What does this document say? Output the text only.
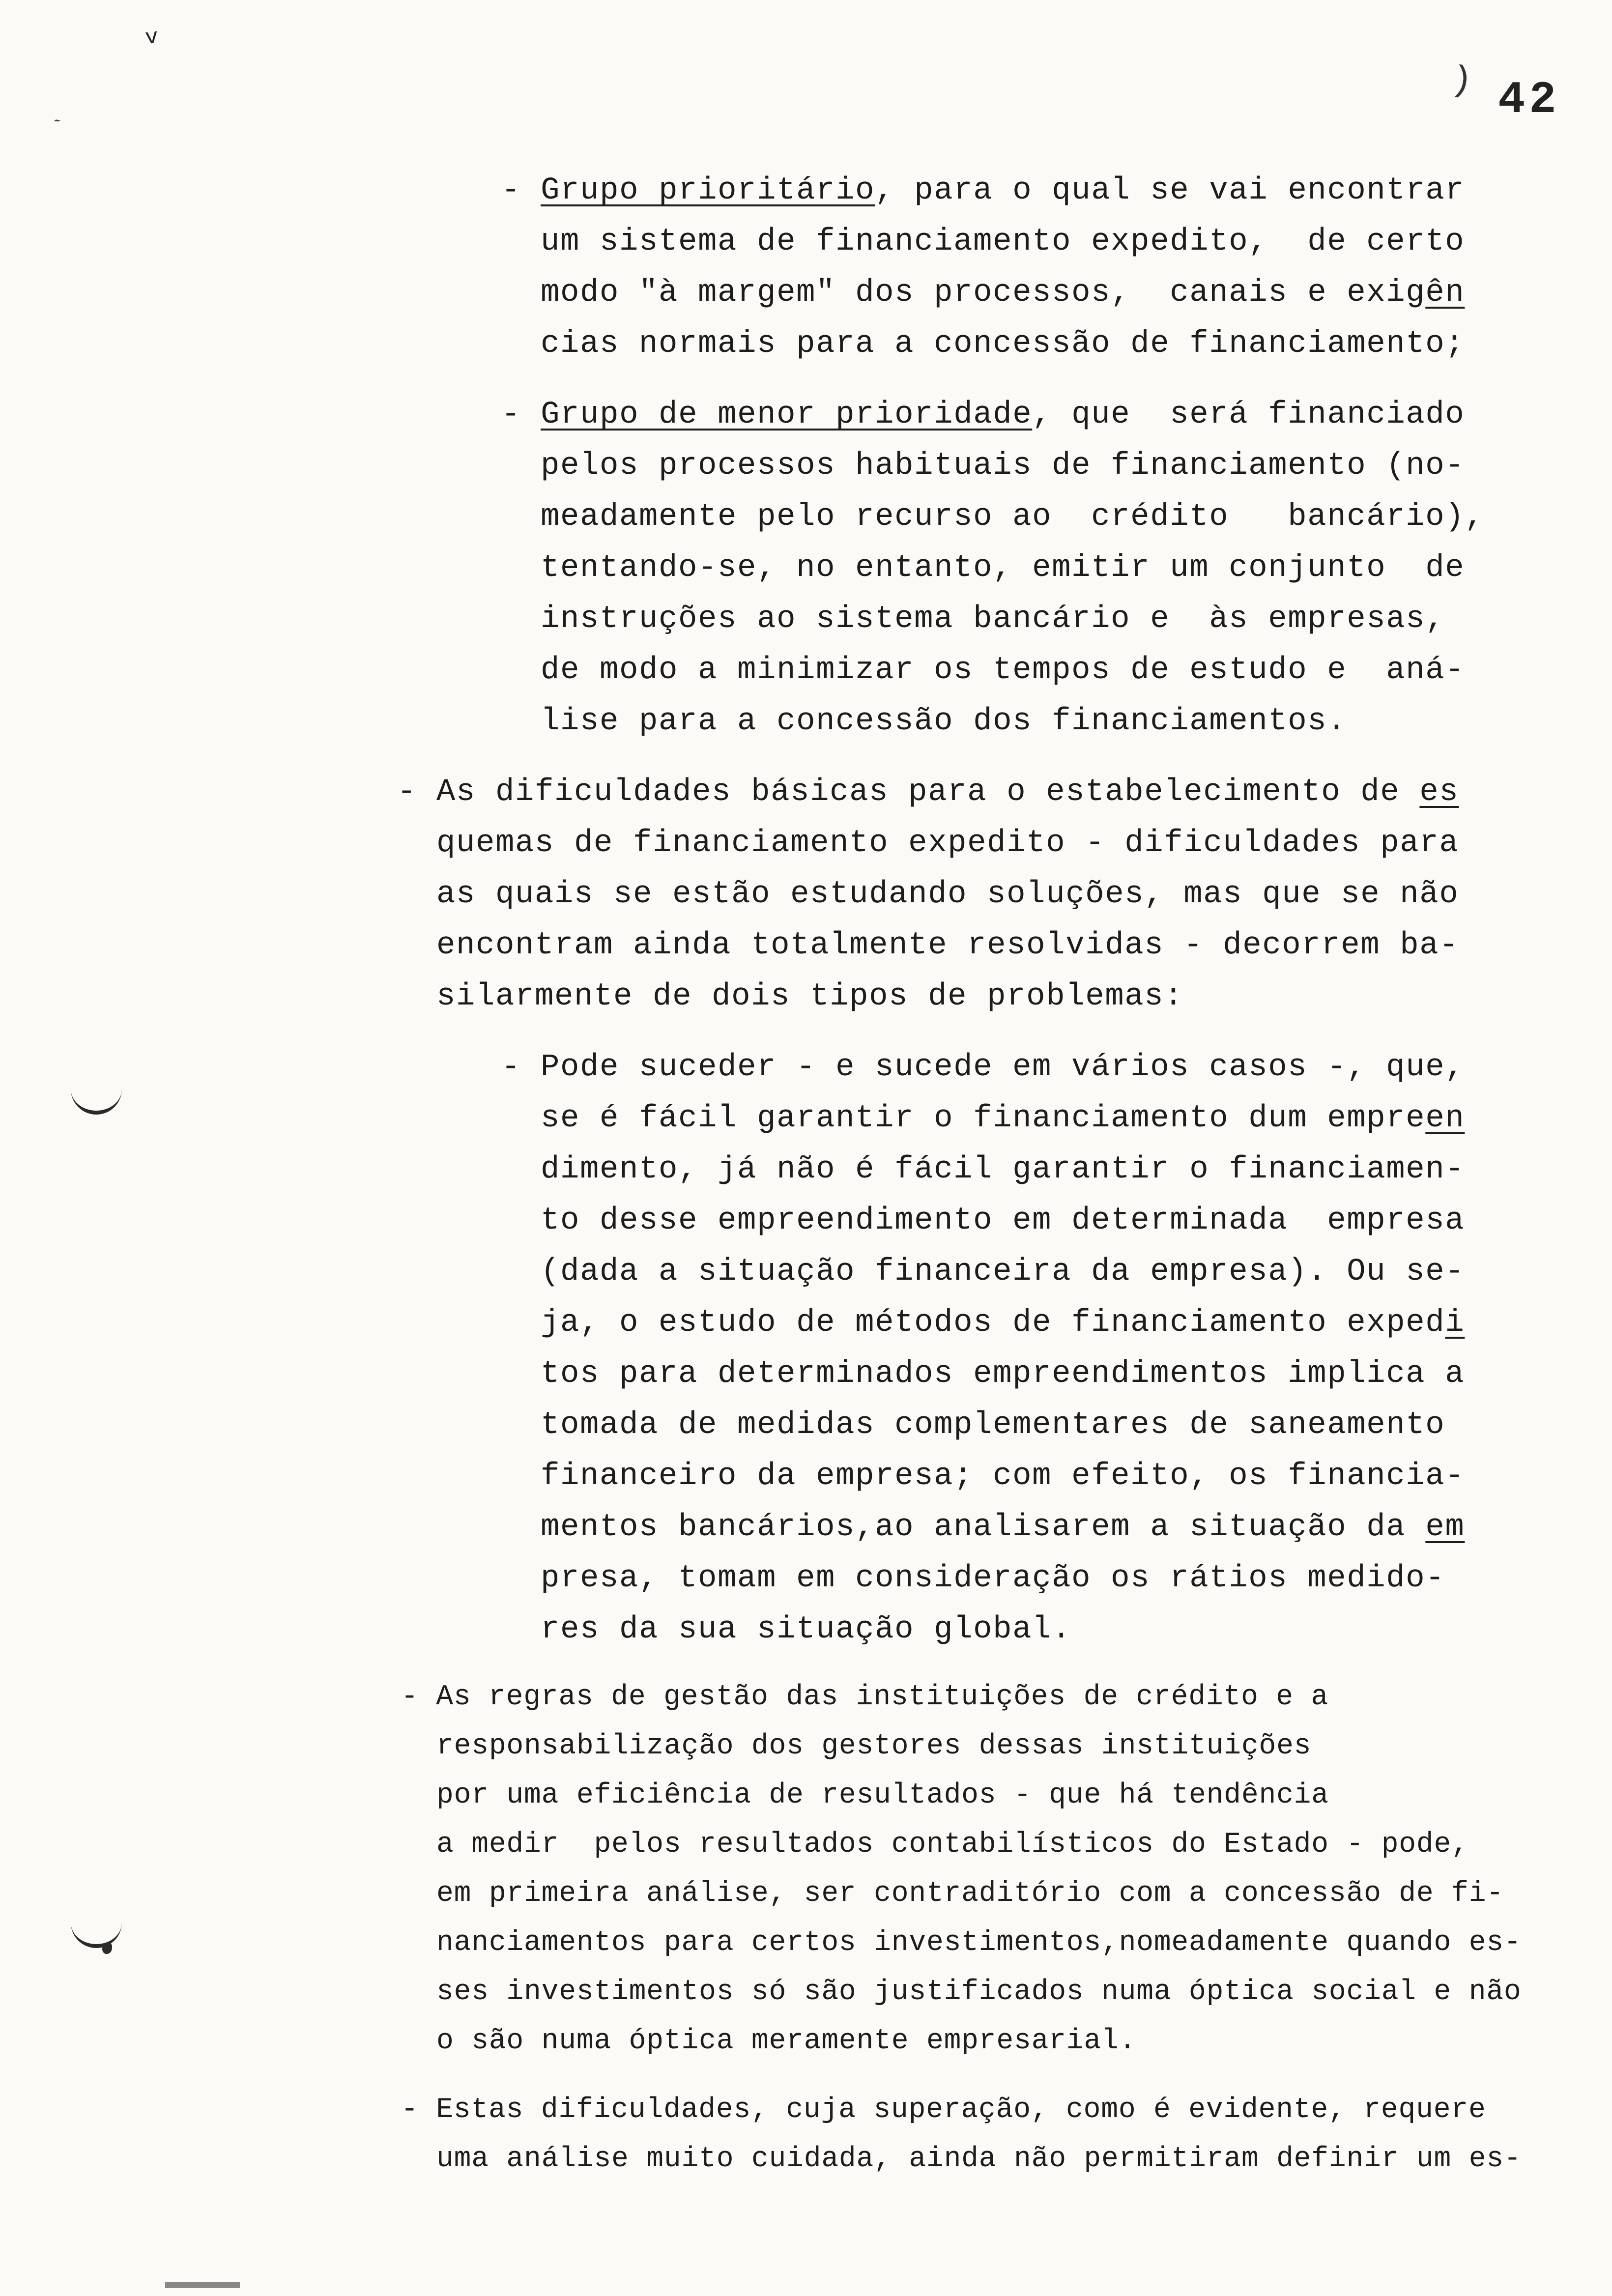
) 42
v
`
- Grupo prioritário, para o qual se vai encontrar
um sistema de financiamento expedito,  de certo
modo "à margem" dos processos,  canais e exigên
cias normais para a concessão de financiamento;
- Grupo de menor prioridade, que  será financiado
pelos processos habituais de financiamento (no-
meadamente pelo recurso ao  crédito   bancário),
tentando-se, no entanto, emitir um conjunto  de
instruções ao sistema bancário e  às empresas,
de modo a minimizar os tempos de estudo e  aná-
lise para a concessão dos financiamentos.
- As dificuldades básicas para o estabelecimento de es
quemas de financiamento expedito - dificuldades para
as quais se estão estudando soluções, mas que se não
encontram ainda totalmente resolvidas - decorrem ba-
silarmente de dois tipos de problemas:
- Pode suceder - e sucede em vários casos -, que,
se é fácil garantir o financiamento dum empreen
dimento, já não é fácil garantir o financiamen-
to desse empreendimento em determinada  empresa
(dada a situação financeira da empresa). Ou se-
ja, o estudo de métodos de financiamento expedi
tos para determinados empreendimentos implica a
tomada de medidas complementares de saneamento
financeiro da empresa; com efeito, os financia-
mentos bancários,ao analisarem a situação da em
presa, tomam em consideração os rátios medido-
res da sua situação global.
- As regras de gestão das instituições de crédito e a
responsabilização dos gestores dessas instituições
por uma eficiência de resultados - que há tendência
a medir  pelos resultados contabilísticos do Estado - pode,
em primeira análise, ser contraditório com a concessão de fi-
nanciamentos para certos investimentos,nomeadamente quando es-
ses investimentos só são justificados numa óptica social e não
o são numa óptica meramente empresarial.
- Estas dificuldades, cuja superação, como é evidente, requere
uma análise muito cuidada, ainda não permitiram definir um es-
